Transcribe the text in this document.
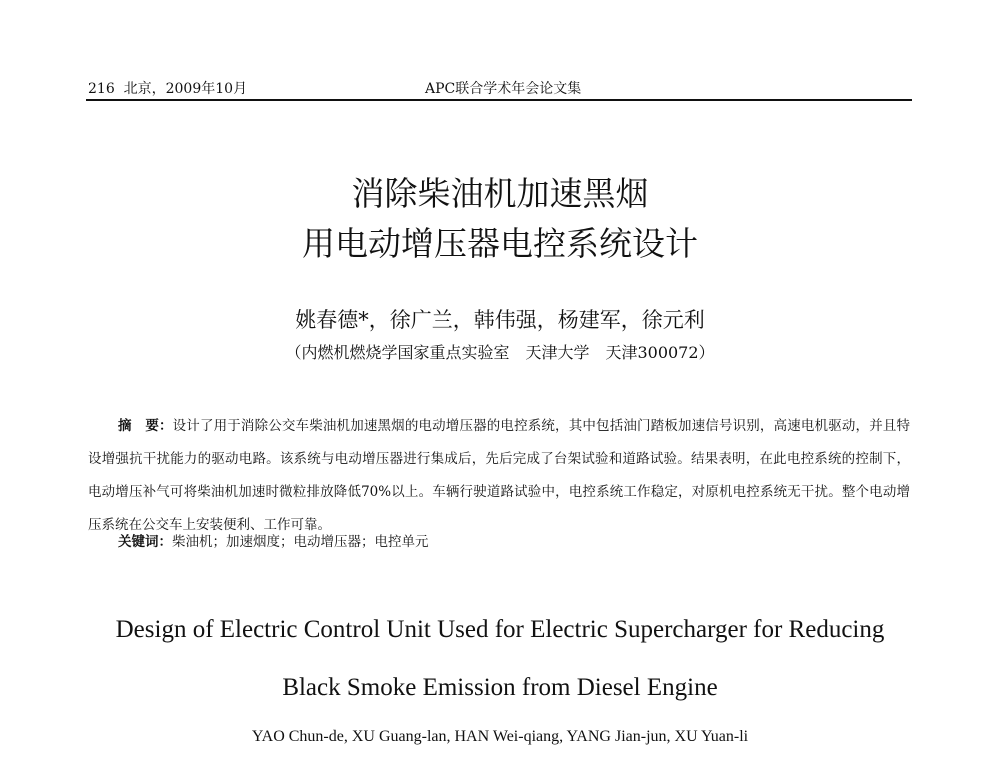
216  北京，2009年10月	APC联合学术年会论文集
消除柴油机加速黑烟
用电动增压器电控系统设计
姚春德*，徐广兰，韩伟强，杨建军，徐元利
（内燃机燃烧学国家重点实验室　天津大学　天津300072）
摘　要：设计了用于消除公交车柴油机加速黑烟的电动增压器的电控系统，其中包括油门踏板加速信号识别，高速电机驱动，并且特设增强抗干扰能力的驱动电路。该系统与电动增压器进行集成后，先后完成了台架试验和道路试验。结果表明，在此电控系统的控制下，电动增压补气可将柴油机加速时微粒排放降低70%以上。车辆行驶道路试验中，电控系统工作稳定，对原机电控系统无干扰。整个电动增压系统在公交车上安装便利、工作可靠。
关键词：柴油机；加速烟度；电动增压器；电控单元
Design of Electric Control Unit Used for Electric Supercharger for Reducing
Black Smoke Emission from Diesel Engine
YAO Chun-de, XU Guang-lan, HAN Wei-qiang, YANG Jian-jun, XU Yuan-li
